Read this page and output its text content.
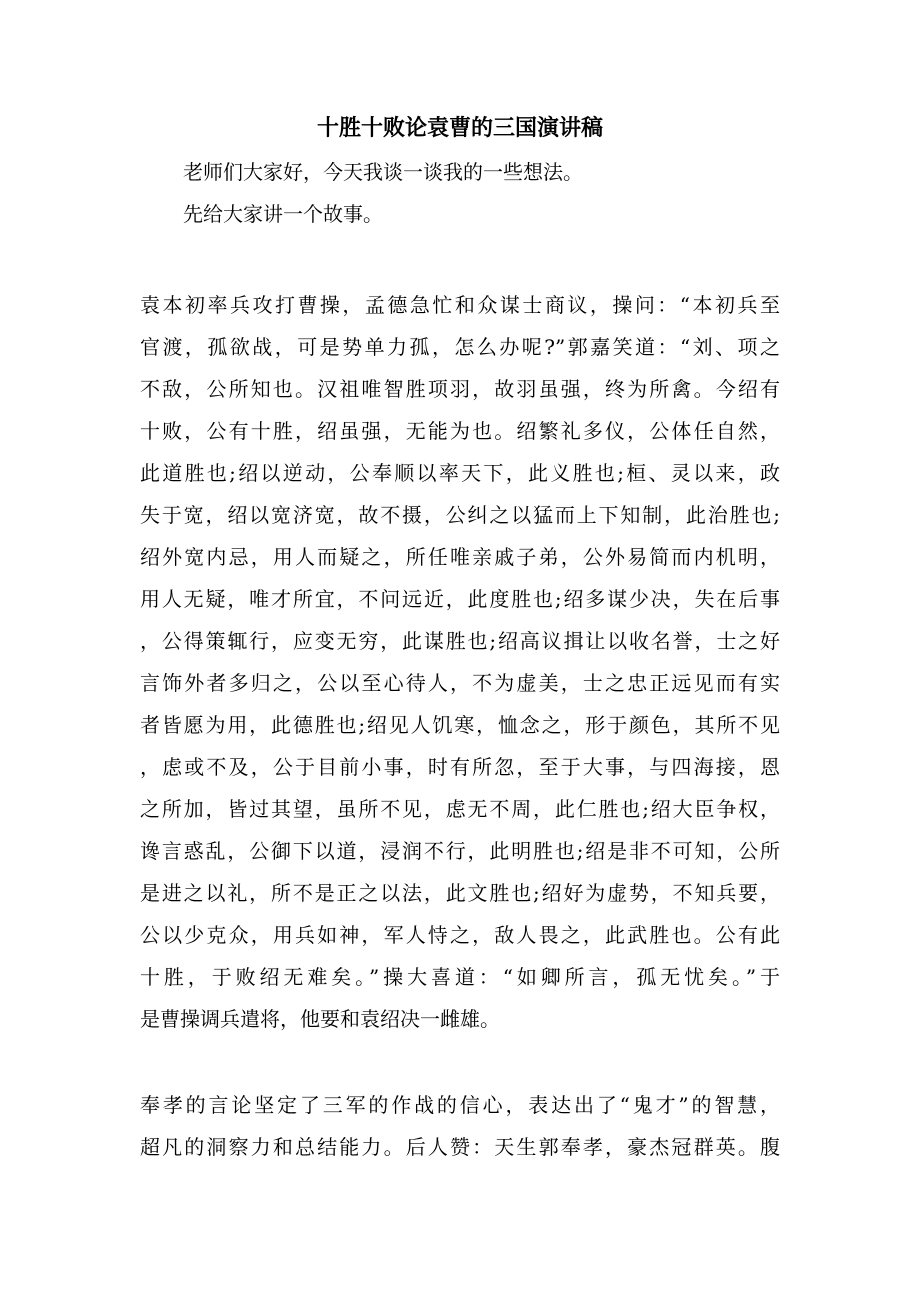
十胜十败论袁曹的三国演讲稿

老师们大家好，今天我谈一谈我的一些想法。

先给大家讲一个故事。

袁本初率兵攻打曹操，孟德急忙和众谋士商议，操问：“本初兵至
官渡，孤欲战，可是势单力孤，怎么办呢?”郭嘉笑道：“刘、项之
不敌，公所知也。汉祖唯智胜项羽，故羽虽强，终为所禽。今绍有
十败，公有十胜，绍虽强，无能为也。绍繁礼多仪，公体任自然，
此道胜也;绍以逆动，公奉顺以率天下，此义胜也;桓、灵以来，政
失于宽，绍以宽济宽，故不摄，公纠之以猛而上下知制，此治胜也;
绍外宽内忌，用人而疑之，所任唯亲戚子弟，公外易简而内机明，
用人无疑，唯才所宜，不问远近，此度胜也;绍多谋少决，失在后事
，公得策辄行，应变无穷，此谋胜也;绍高议揖让以收名誉，士之好
言饰外者多归之，公以至心待人，不为虚美，士之忠正远见而有实
者皆愿为用，此德胜也;绍见人饥寒，恤念之，形于颜色，其所不见
，虑或不及，公于目前小事，时有所忽，至于大事，与四海接，恩
之所加，皆过其望，虽所不见，虑无不周，此仁胜也;绍大臣争权，
谗言惑乱，公御下以道，浸润不行，此明胜也;绍是非不可知，公所
是进之以礼，所不是正之以法，此文胜也;绍好为虚势，不知兵要，
公以少克众，用兵如神，军人恃之，敌人畏之，此武胜也。公有此
十胜，于败绍无难矣。”操大喜道：“如卿所言，孤无忧矣。”于
是曹操调兵遣将，他要和袁绍决一雌雄。
奉孝的言论坚定了三军的作战的信心，表达出了“鬼才”的智慧，
超凡的洞察力和总结能力。后人赞：天生郭奉孝，豪杰冠群英。腹
